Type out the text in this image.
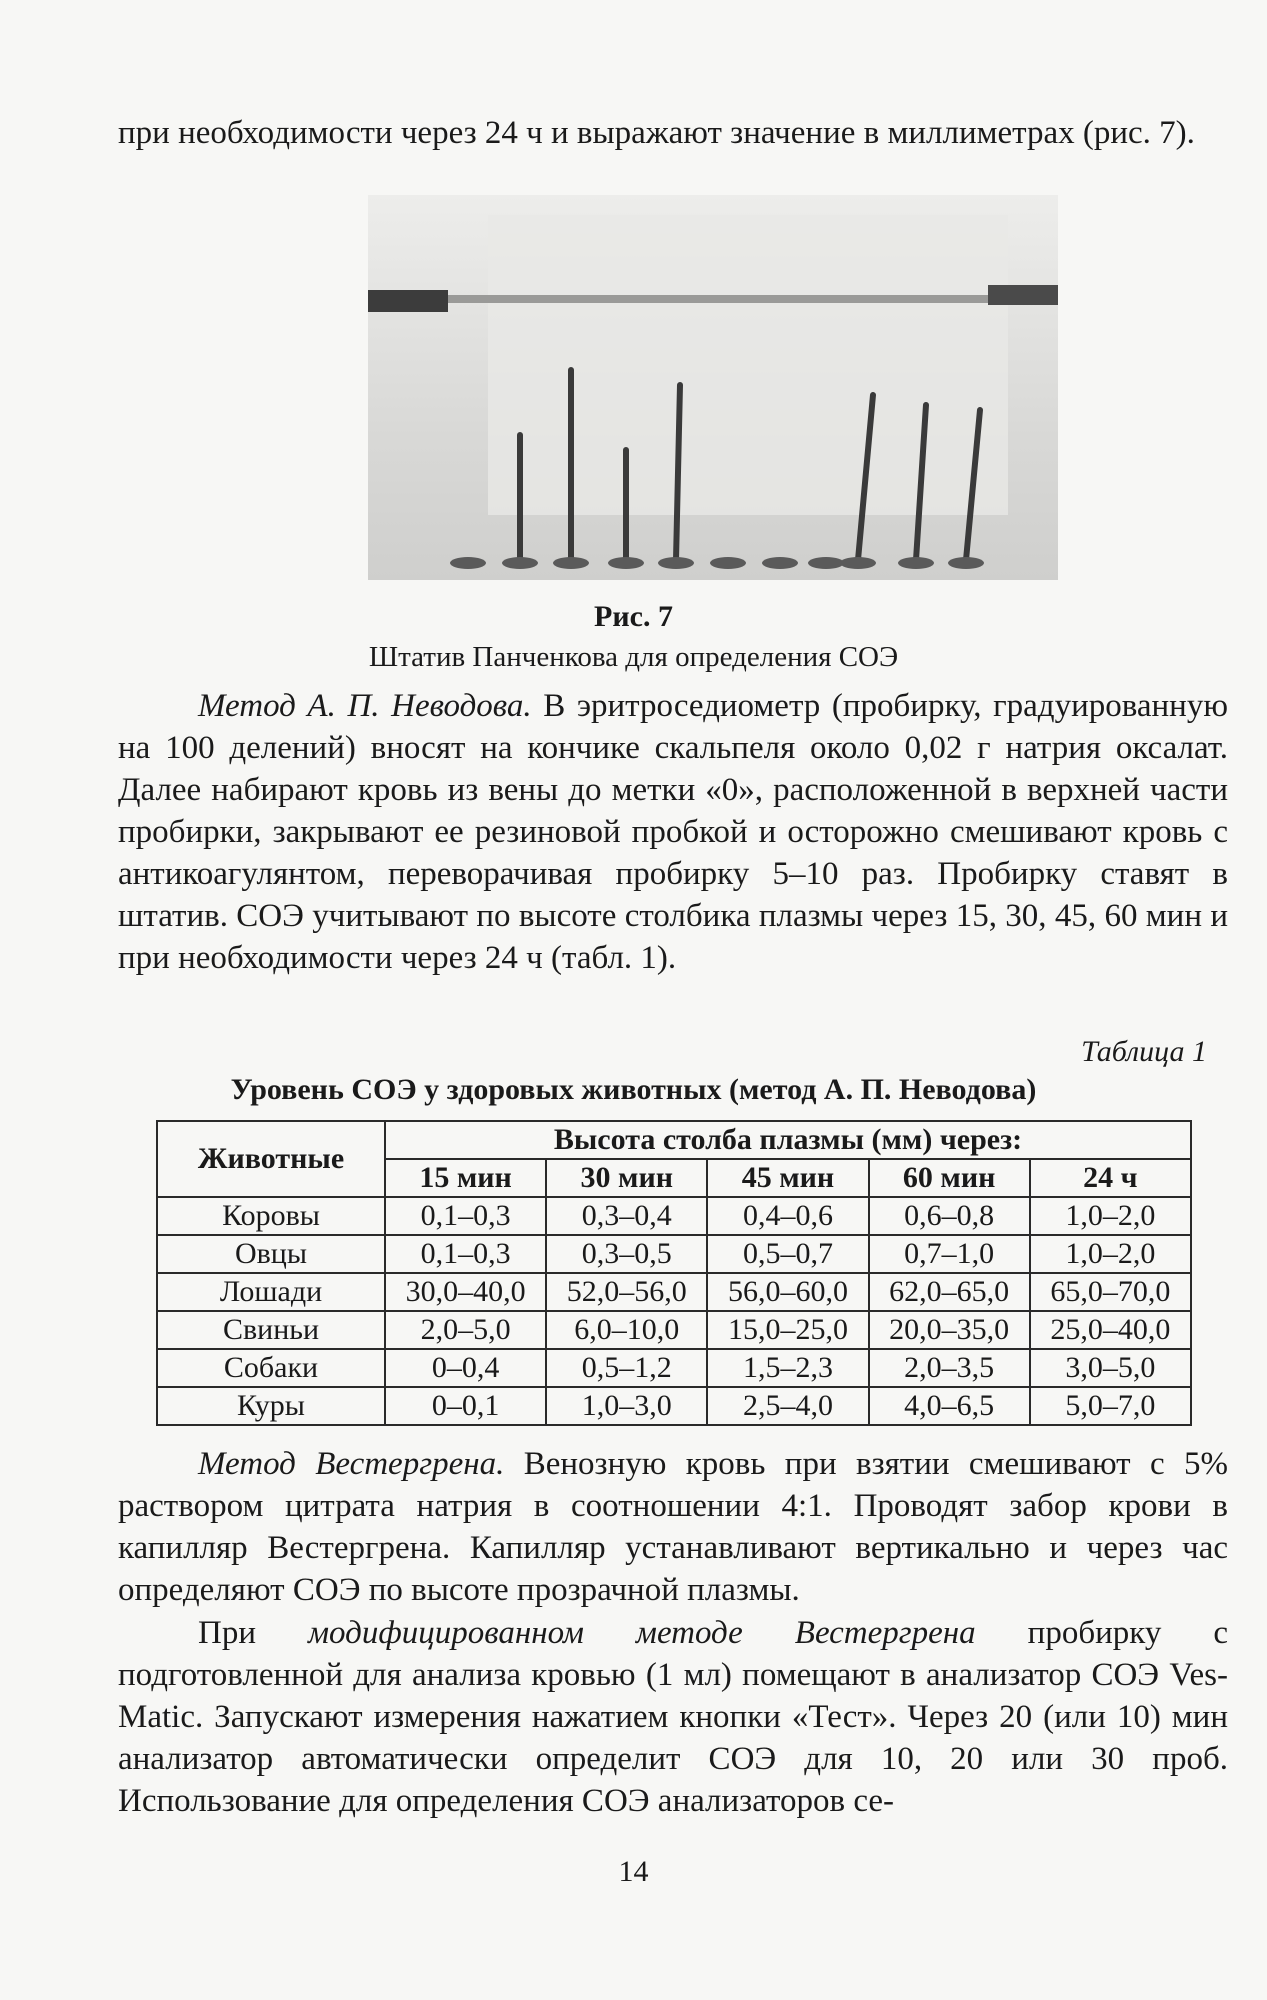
при необходимости через 24 ч и выражают значение в миллиметрах (рис. 7).

Рис. 7

Штатив Панченкова для определения СОЭ

Метод А. П. Неводова. В эритроседиометр (пробирку, градуированную на 100 делений) вносят на кончике скальпеля около 0,02 г натрия оксалат. Далее набирают кровь из вены до метки «0», расположенной в верхней части пробирки, закрывают ее резиновой пробкой и осторожно смешивают кровь с антикоагулянтом, переворачивая пробирку 5–10 раз. Пробирку ставят в штатив. СОЭ учитывают по высоте столбика плазмы через 15, 30, 45, 60 мин и при необходимости через 24 ч (табл. 1).

Таблица 1

Уровень СОЭ у здоровых животных (метод А. П. Неводова)

Животные	Высота столба плазмы (мм) через:				
	15 мин	30 мин	45 мин	60 мин	24 ч
Коровы	0,1–0,3	0,3–0,4	0,4–0,6	0,6–0,8	1,0–2,0
Овцы	0,1–0,3	0,3–0,5	0,5–0,7	0,7–1,0	1,0–2,0
Лошади	30,0–40,0	52,0–56,0	56,0–60,0	62,0–65,0	65,0–70,0
Свиньи	2,0–5,0	6,0–10,0	15,0–25,0	20,0–35,0	25,0–40,0
Собаки	0–0,4	0,5–1,2	1,5–2,3	2,0–3,5	3,0–5,0
Куры	0–0,1	1,0–3,0	2,5–4,0	4,0–6,5	5,0–7,0

Метод Вестергрена. Венозную кровь при взятии смешивают с 5% раствором цитрата натрия в соотношении 4:1. Проводят забор крови в капилляр Вестергрена. Капилляр устанавливают вертикально и через час определяют СОЭ по высоте прозрачной плазмы.

При модифицированном методе Вестергрена пробирку с подготовленной для анализа кровью (1 мл) помещают в анализатор СОЭ Ves-Matic. Запускают измерения нажатием кнопки «Тест». Через 20 (или 10) мин анализатор автоматически определит СОЭ для 10, 20 или 30 проб. Использование для определения СОЭ анализаторов се-

14
